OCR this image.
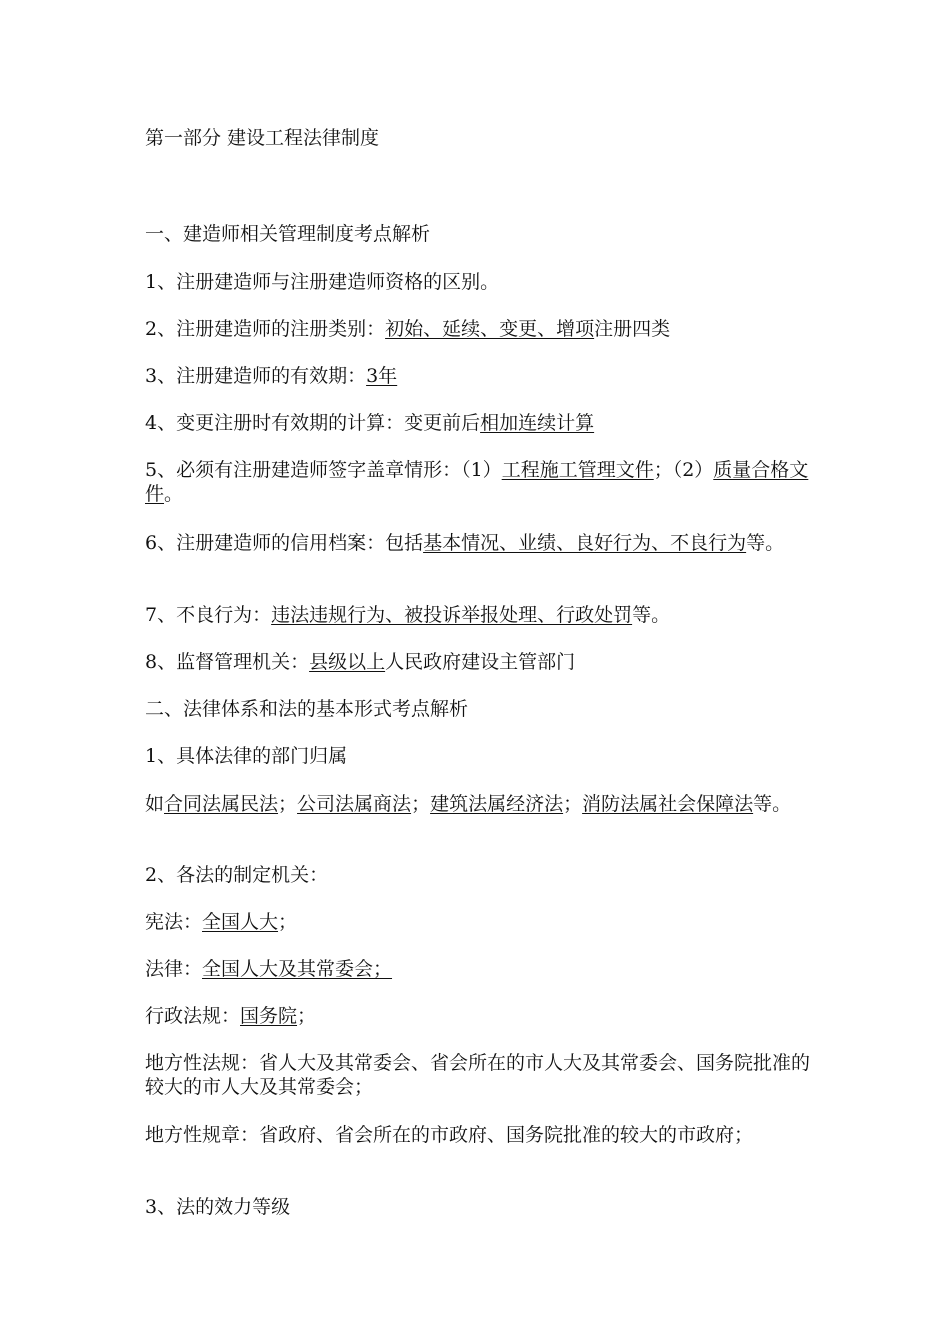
第一部分 建设工程法律制度
一、建造师相关管理制度考点解析
1、注册建造师与注册建造师资格的区别。
2、注册建造师的注册类别：初始、延续、变更、增项注册四类
3、注册建造师的有效期：3年
4、变更注册时有效期的计算：变更前后相加连续计算
5、必须有注册建造师签字盖章情形：（1）工程施工管理文件；（2）质量合格文件。
6、注册建造师的信用档案：包括基本情况、业绩、良好行为、不良行为等。
7、不良行为：违法违规行为、被投诉举报处理、行政处罚等。
8、监督管理机关：县级以上人民政府建设主管部门
二、法律体系和法的基本形式考点解析
1、具体法律的部门归属
如合同法属民法；公司法属商法；建筑法属经济法；消防法属社会保障法等。
2、各法的制定机关：
宪法：全国人大；
法律：全国人大及其常委会；
行政法规：国务院；
地方性法规：省人大及其常委会、省会所在的市人大及其常委会、国务院批准的较大的市人大及其常委会；
地方性规章：省政府、省会所在的市政府、国务院批准的较大的市政府；
3、法的效力等级
